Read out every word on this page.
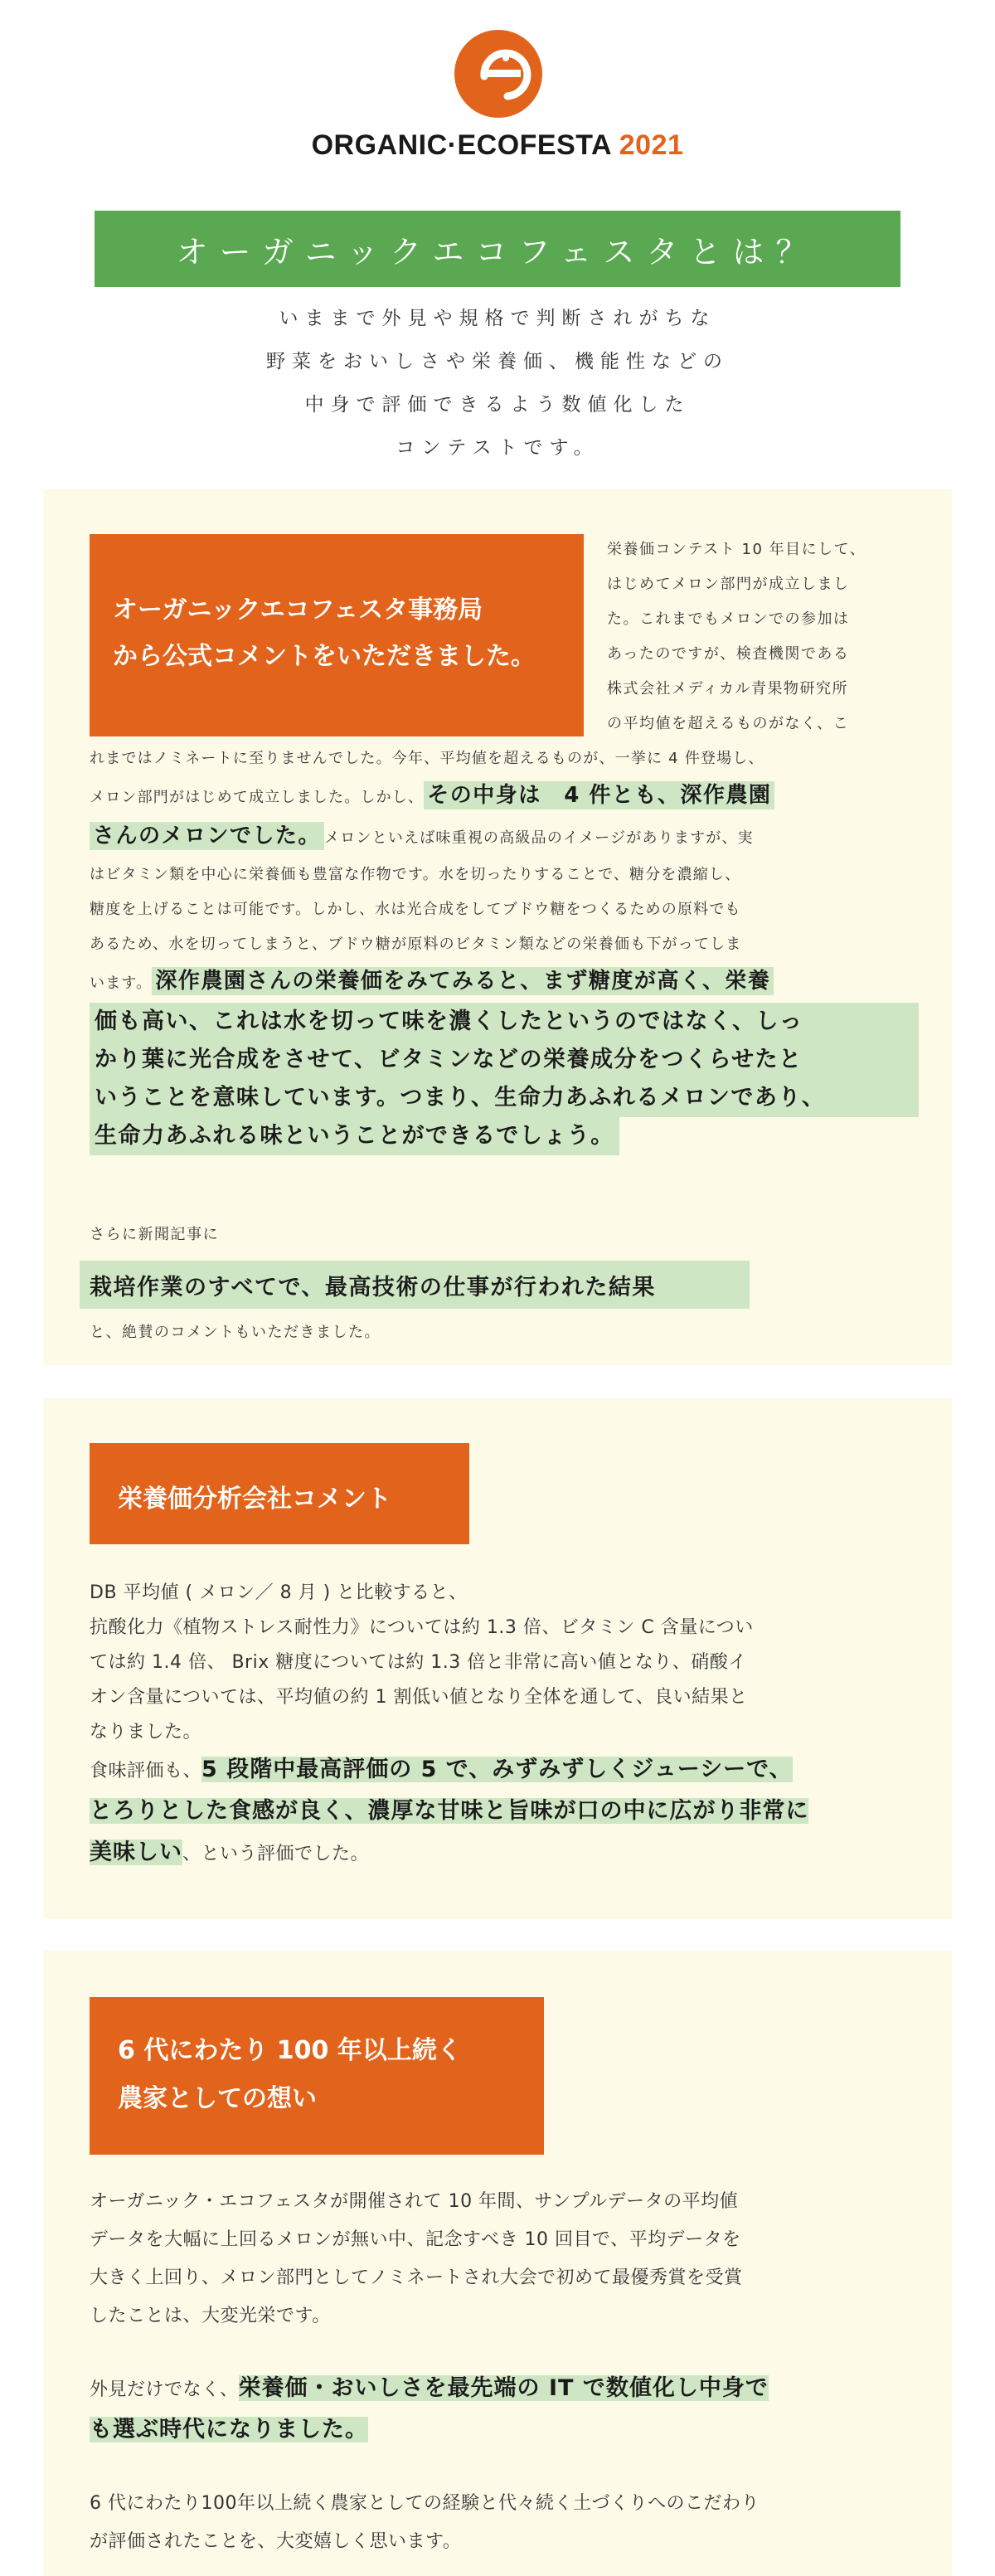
ORGANIC·ECOFESTA 2021
オーガニックエコフェスタとは？

いままで外見や規格で判断されがちな

野菜をおいしさや栄養価、機能性などの

中身で評価できるよう数値化した

コンテストです。

オーガニックエコフェスタ事務局
から公式コメントをいただきました。
栄養価コンテスト 10 年目にして、
はじめてメロン部門が成立しまし
た。これまでもメロンでの参加は
あったのですが、検査機関である
株式会社メディカル青果物研究所
の平均値を超えるものがなく、こ
れまではノミネートに至りませんでした。今年、平均値を超えるものが、一挙に 4 件登場し、
メロン部門がはじめて成立しました。しかし、 その中身は　4 件とも、深作農園
さんのメロンでした。 メロンといえば味重視の高級品のイメージがありますが、実
はビタミン類を中心に栄養価も豊富な作物です。水を切ったりすることで、糖分を濃縮し、
糖度を上げることは可能です。しかし、水は光合成をしてブドウ糖をつくるための原料でも
あるため、水を切ってしまうと、ブドウ糖が原料のビタミン類などの栄養価も下がってしま
います。 深作農園さんの栄養価をみてみると、まず糖度が高く、栄養
価も高い、これは水を切って味を濃くしたというのではなく、しっ
かり葉に光合成をさせて、ビタミンなどの栄養成分をつくらせたと
いうことを意味しています。つまり、生命力あふれるメロンであり、
生命力あふれる味ということができるでしょう。
さらに新聞記事に
栽培作業のすべてで、最高技術の仕事が行われた結果
と、絶賛のコメントもいただきました。
栄養価分析会社コメント
DB 平均値 ( メロン／ 8 月 ) と比較すると、
抗酸化力《植物ストレス耐性力》については約 1.3 倍、ビタミン C 含量につい
ては約 1.4 倍、 Brix 糖度については約 1.3 倍と非常に高い値となり、硝酸イ
オン含量については、平均値の約 1 割低い値となり全体を通して、良い結果と
なりました。
食味評価も、5 段階中最高評価の 5 で、みずみずしくジューシーで、
とろりとした食感が良く、濃厚な甘味と旨味が口の中に広がり非常に
美味しい、という評価でした。
6 代にわたり 100 年以上続く
農家としての想い
オーガニック・エコフェスタが開催されて 10 年間、サンプルデータの平均値
データを大幅に上回るメロンが無い中、記念すべき 10 回目で、平均データを
大きく上回り、メロン部門としてノミネートされ大会で初めて最優秀賞を受賞
したことは、大変光栄です。
外見だけでなく、栄養価・おいしさを最先端の IT で数値化し中身で
も選ぶ時代になりました。
6 代にわたり100年以上続く農家としての経験と代々続く土づくりへのこだわり
が評価されたことを、大変嬉しく思います。
